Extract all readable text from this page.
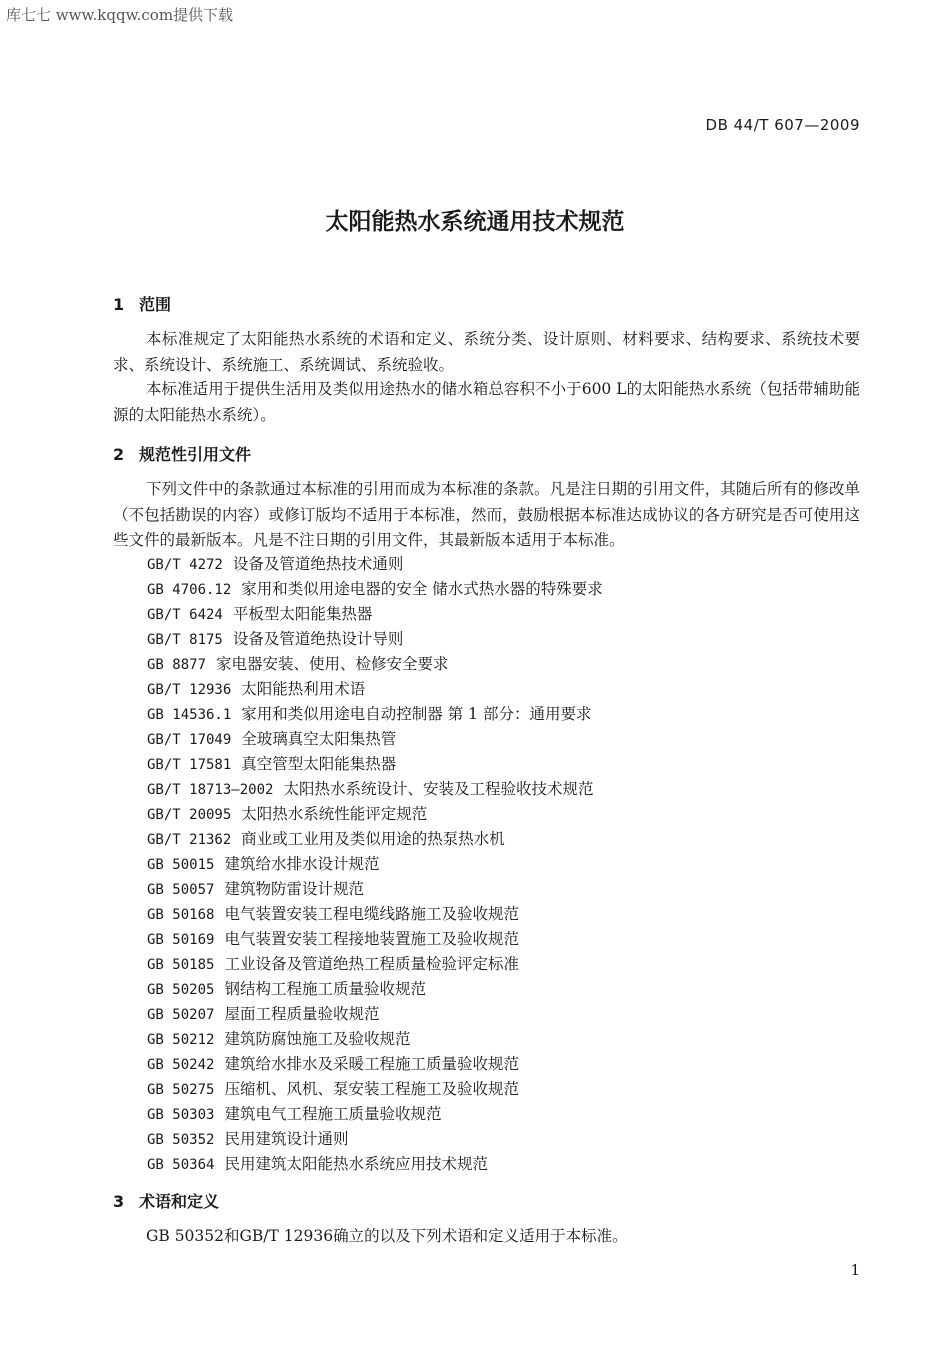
库七七 www.kqqw.com提供下载
DB 44/T 607—2009
太阳能热水系统通用技术规范
1 范围
本标准规定了太阳能热水系统的术语和定义、系统分类、设计原则、材料要求、结构要求、系统技术要求、系统设计、系统施工、系统调试、系统验收。
本标准适用于提供生活用及类似用途热水的储水箱总容积不小于600 L的太阳能热水系统（包括带辅助能源的太阳能热水系统）。
2 规范性引用文件
下列文件中的条款通过本标准的引用而成为本标准的条款。凡是注日期的引用文件，其随后所有的修改单（不包括勘误的内容）或修订版均不适用于本标准，然而，鼓励根据本标准达成协议的各方研究是否可使用这些文件的最新版本。凡是不注日期的引用文件，其最新版本适用于本标准。
GB/T 4272 设备及管道绝热技术通则
GB 4706.12 家用和类似用途电器的安全 储水式热水器的特殊要求
GB/T 6424 平板型太阳能集热器
GB/T 8175 设备及管道绝热设计导则
GB 8877 家电器安装、使用、检修安全要求
GB/T 12936 太阳能热利用术语
GB 14536.1 家用和类似用途电自动控制器 第 1 部分：通用要求
GB/T 17049 全玻璃真空太阳集热管
GB/T 17581 真空管型太阳能集热器
GB/T 18713—2002 太阳热水系统设计、安装及工程验收技术规范
GB/T 20095 太阳热水系统性能评定规范
GB/T 21362 商业或工业用及类似用途的热泵热水机
GB 50015 建筑给水排水设计规范
GB 50057 建筑物防雷设计规范
GB 50168 电气装置安装工程电缆线路施工及验收规范
GB 50169 电气装置安装工程接地装置施工及验收规范
GB 50185 工业设备及管道绝热工程质量检验评定标准
GB 50205 钢结构工程施工质量验收规范
GB 50207 屋面工程质量验收规范
GB 50212 建筑防腐蚀施工及验收规范
GB 50242 建筑给水排水及采暖工程施工质量验收规范
GB 50275 压缩机、风机、泵安装工程施工及验收规范
GB 50303 建筑电气工程施工质量验收规范
GB 50352 民用建筑设计通则
GB 50364 民用建筑太阳能热水系统应用技术规范
3 术语和定义
GB 50352和GB/T 12936确立的以及下列术语和定义适用于本标准。
1
